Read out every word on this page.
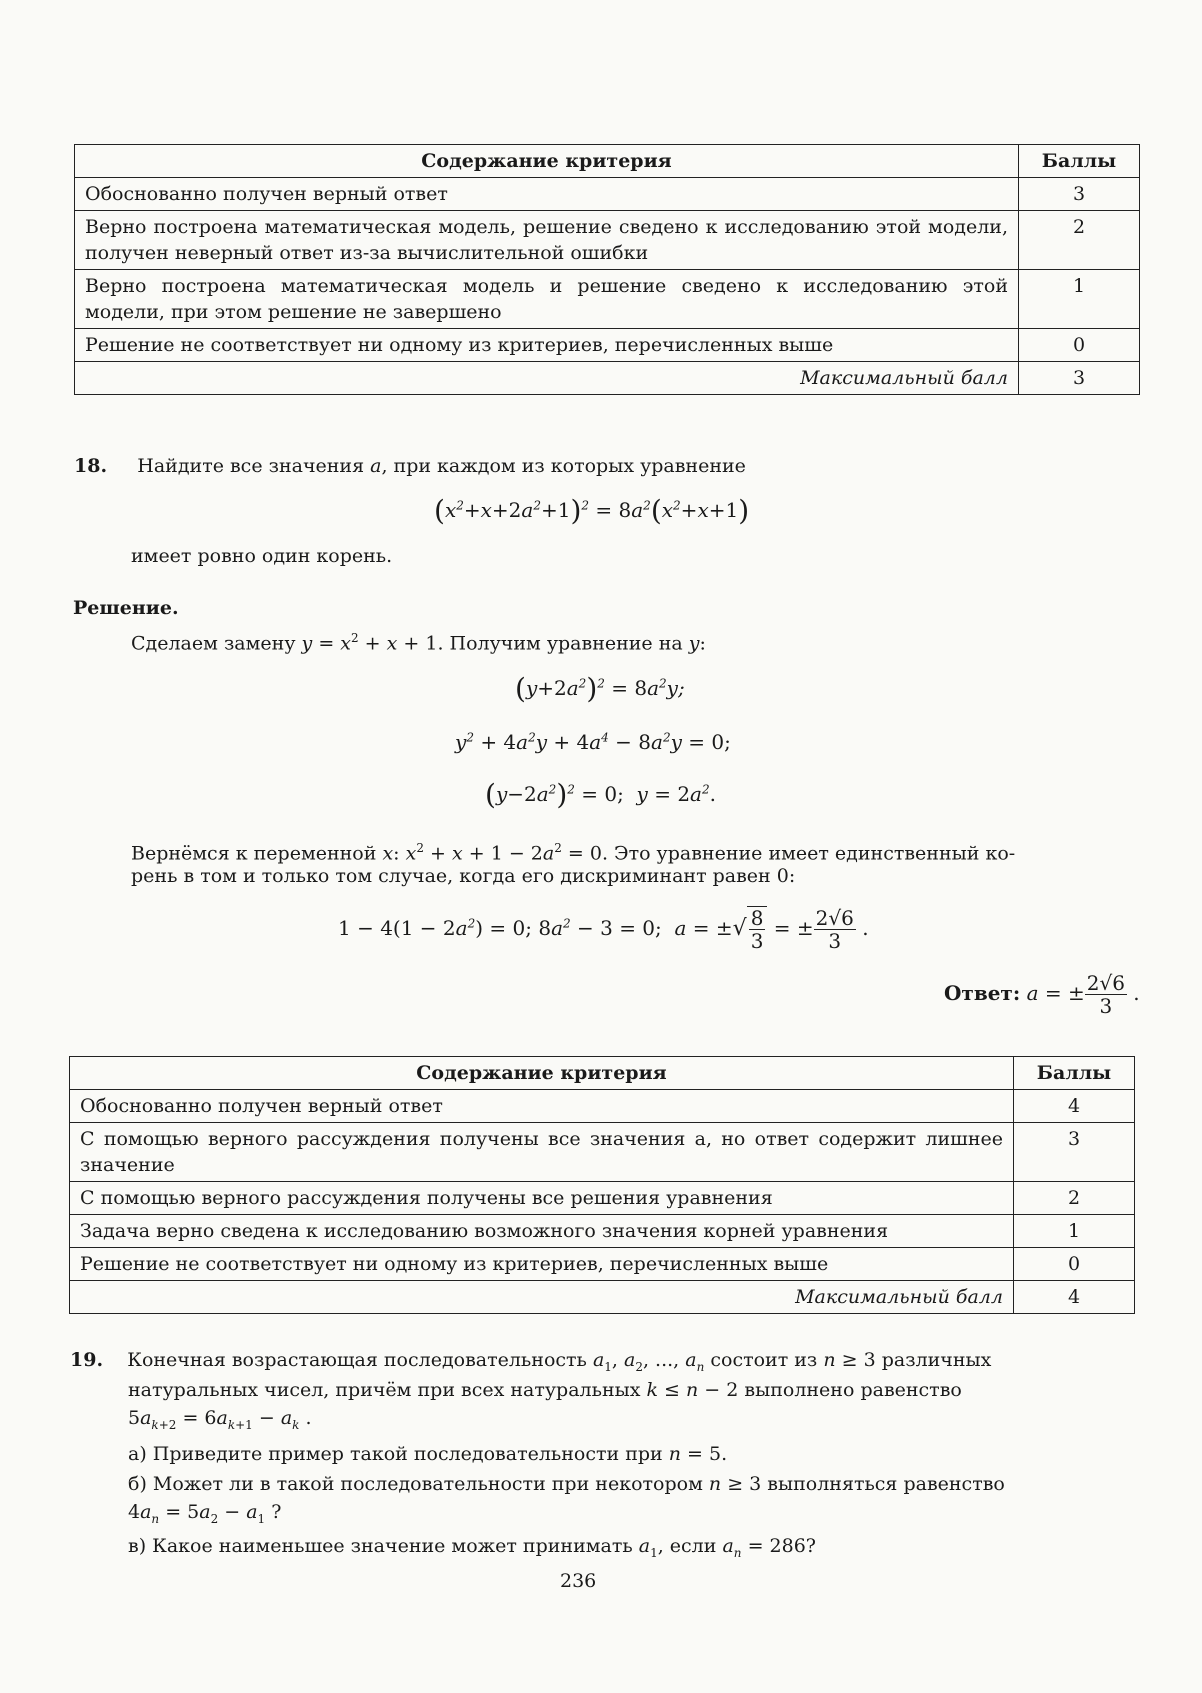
Содержание критерия	Баллы
Обоснованно получен верный ответ	3
Верно построена математическая модель, решение сведено к исследованию этой модели, получен неверный ответ из-за вычислительной ошибки	2
Верно построена математическая модель и решение сведено к исследованию этой модели, при этом решение не завершено	1
Решение не соответствует ни одному из критериев, перечисленных выше	0
Максимальный балл	3
18. Найдите все значения a, при каждом из которых уравнение
$(x^2+x+2a^2+1)^2 = 8a^2(x^2+x+1)$
имеет ровно один корень.
Решение.
Сделаем замену $y = x^2 + x + 1$. Получим уравнение на y:
$(y+2a^2)^2 = 8a^2y$;
$y^2 + 4a^2y + 4a^4 - 8a^2y = 0$;
$(y-2a^2)^2 = 0$;  $y = 2a^2$.
Вернёмся к переменной x: $x^2 + x + 1 - 2a^2 = 0$. Это уравнение имеет единственный ко-
рень в том и только том случае, когда его дискриминант равен 0:
$1 - 4(1 - 2a^2) = 0$; $8a^2 - 3 = 0$;  a = ±√ $\frac{8}{3}$ = ± $\frac{2√6}{3}$ .
Ответ: a = ± $\frac{2√6}{3}$ .
Содержание критерия	Баллы
Обоснованно получен верный ответ	4
С помощью верного рассуждения получены все значения a, но ответ содержит лишнее значение	3
С помощью верного рассуждения получены все решения уравнения	2
Задача верно сведена к исследованию возможного значения корней уравнения	1
Решение не соответствует ни одному из критериев, перечисленных выше	0
Максимальный балл	4
19. Конечная возрастающая последовательность $a_1$, $a_2$, ..., $a_n$ состоит из n ≥ 3 различных
натуральных чисел, причём при всех натуральных k ≤ n − 2 выполнено равенство
$5a_{k+2} = 6a_{k+1} - a_k$ .
а) Приведите пример такой последовательности при n = 5.
б) Может ли в такой последовательности при некотором n ≥ 3 выполняться равенство
$4a_n = 5a_2 - a_1$ ?
в) Какое наименьшее значение может принимать $a_1$, если $a_n = 286$?
236
